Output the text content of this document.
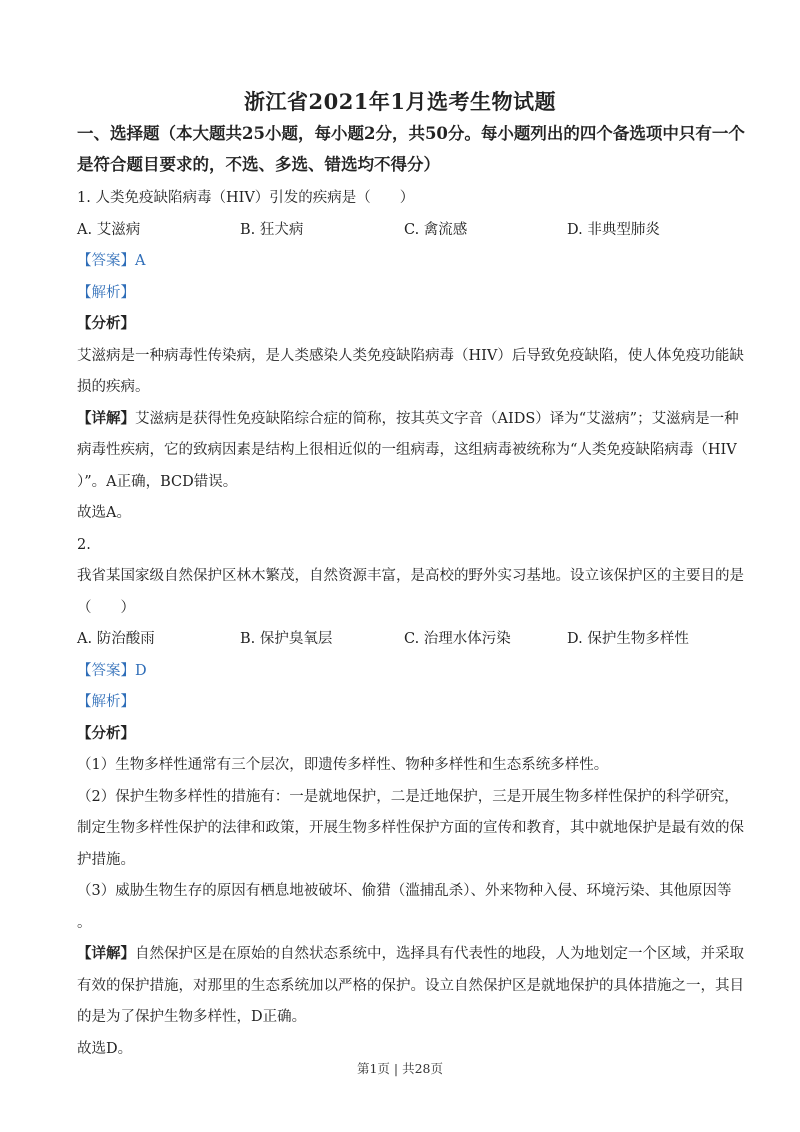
浙江省2021年1月选考生物试题
一、选择题（本大题共25小题，每小题2分，共50分。每小题列出的四个备选项中只有一个
是符合题目要求的，不选、多选、错选均不得分）
1. 人类免疫缺陷病毒（HIV）引发的疾病是（　　）
A. 艾滋病	B. 狂犬病	C. 禽流感	D. 非典型肺炎
【答案】A
【解析】
【分析】
艾滋病是一种病毒性传染病，是人类感染人类免疫缺陷病毒（HIV）后导致免疫缺陷，使人体免疫功能缺
损的疾病。
【详解】艾滋病是获得性免疫缺陷综合症的简称，按其英文字音（AIDS）译为“艾滋病”；艾滋病是一种
病毒性疾病，它的致病因素是结构上很相近似的一组病毒，这组病毒被统称为“人类免疫缺陷病毒（HIV
）”。A正确，BCD错误。
故选A。
2.
我省某国家级自然保护区林木繁茂，自然资源丰富，是高校的野外实习基地。设立该保护区的主要目的是
（　　）
A. 防治酸雨	B. 保护臭氧层	C. 治理水体污染	D. 保护生物多样性
【答案】D
【解析】
【分析】
（1）生物多样性通常有三个层次，即遗传多样性、物种多样性和生态系统多样性。
（2）保护生物多样性的措施有：一是就地保护，二是迁地保护，三是开展生物多样性保护的科学研究，
制定生物多样性保护的法律和政策，开展生物多样性保护方面的宣传和教育，其中就地保护是最有效的保
护措施。
（3）威胁生物生存的原因有栖息地被破坏、偷猎（滥捕乱杀）、外来物种入侵、环境污染、其他原因等
。
【详解】自然保护区是在原始的自然状态系统中，选择具有代表性的地段，人为地划定一个区域，并采取
有效的保护措施，对那里的生态系统加以严格的保护。设立自然保护区是就地保护的具体措施之一，其目
的是为了保护生物多样性，D正确。
故选D。
第1页 | 共28页
